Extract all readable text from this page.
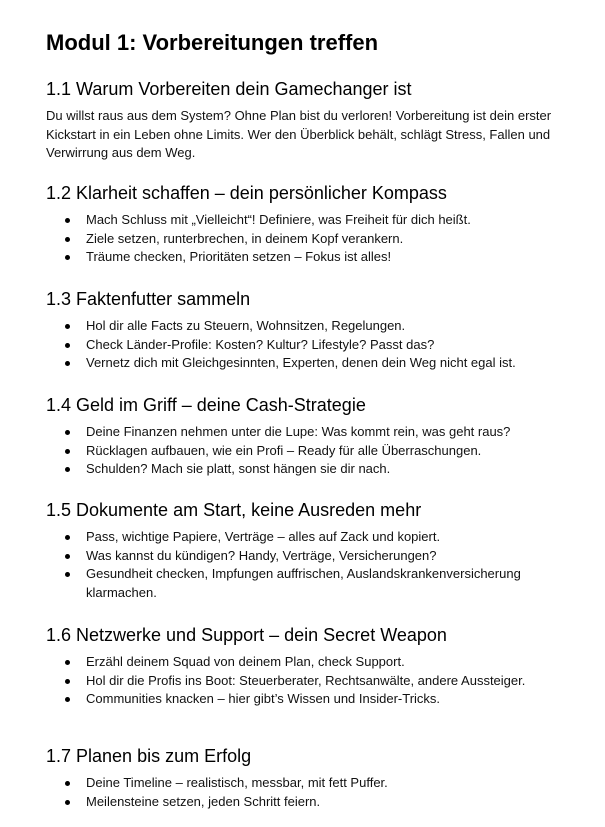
Modul 1: Vorbereitungen treffen
1.1 Warum Vorbereiten dein Gamechanger ist

Du willst raus aus dem System? Ohne Plan bist du verloren! Vorbereitung ist dein erster Kickstart in ein Leben ohne Limits. Wer den Überblick behält, schlägt Stress, Fallen und Verwirrung aus dem Weg.

1.2 Klarheit schaffen – dein persönlicher Kompass
Mach Schluss mit „Vielleicht“! Definiere, was Freiheit für dich heißt.
Ziele setzen, runterbrechen, in deinem Kopf verankern.
Träume checken, Prioritäten setzen – Fokus ist alles!
1.3 Faktenfutter sammeln
Hol dir alle Facts zu Steuern, Wohnsitzen, Regelungen.
Check Länder-Profile: Kosten? Kultur? Lifestyle? Passt das?
Vernetz dich mit Gleichgesinnten, Experten, denen dein Weg nicht egal ist.
1.4 Geld im Griff – deine Cash-Strategie
Deine Finanzen nehmen unter die Lupe: Was kommt rein, was geht raus?
Rücklagen aufbauen, wie ein Profi – Ready für alle Überraschungen.
Schulden? Mach sie platt, sonst hängen sie dir nach.
1.5 Dokumente am Start, keine Ausreden mehr
Pass, wichtige Papiere, Verträge – alles auf Zack und kopiert.
Was kannst du kündigen? Handy, Verträge, Versicherungen?
Gesundheit checken, Impfungen auffrischen, Auslandskrankenversicherung klarmachen.
1.6 Netzwerke und Support – dein Secret Weapon
Erzähl deinem Squad von deinem Plan, check Support.
Hol dir die Profis ins Boot: Steuerberater, Rechtsanwälte, andere Aussteiger.
Communities knacken – hier gibt’s Wissen und Insider-Tricks.
1.7 Planen bis zum Erfolg
Deine Timeline – realistisch, messbar, mit fett Puffer.
Meilensteine setzen, jeden Schritt feiern.
